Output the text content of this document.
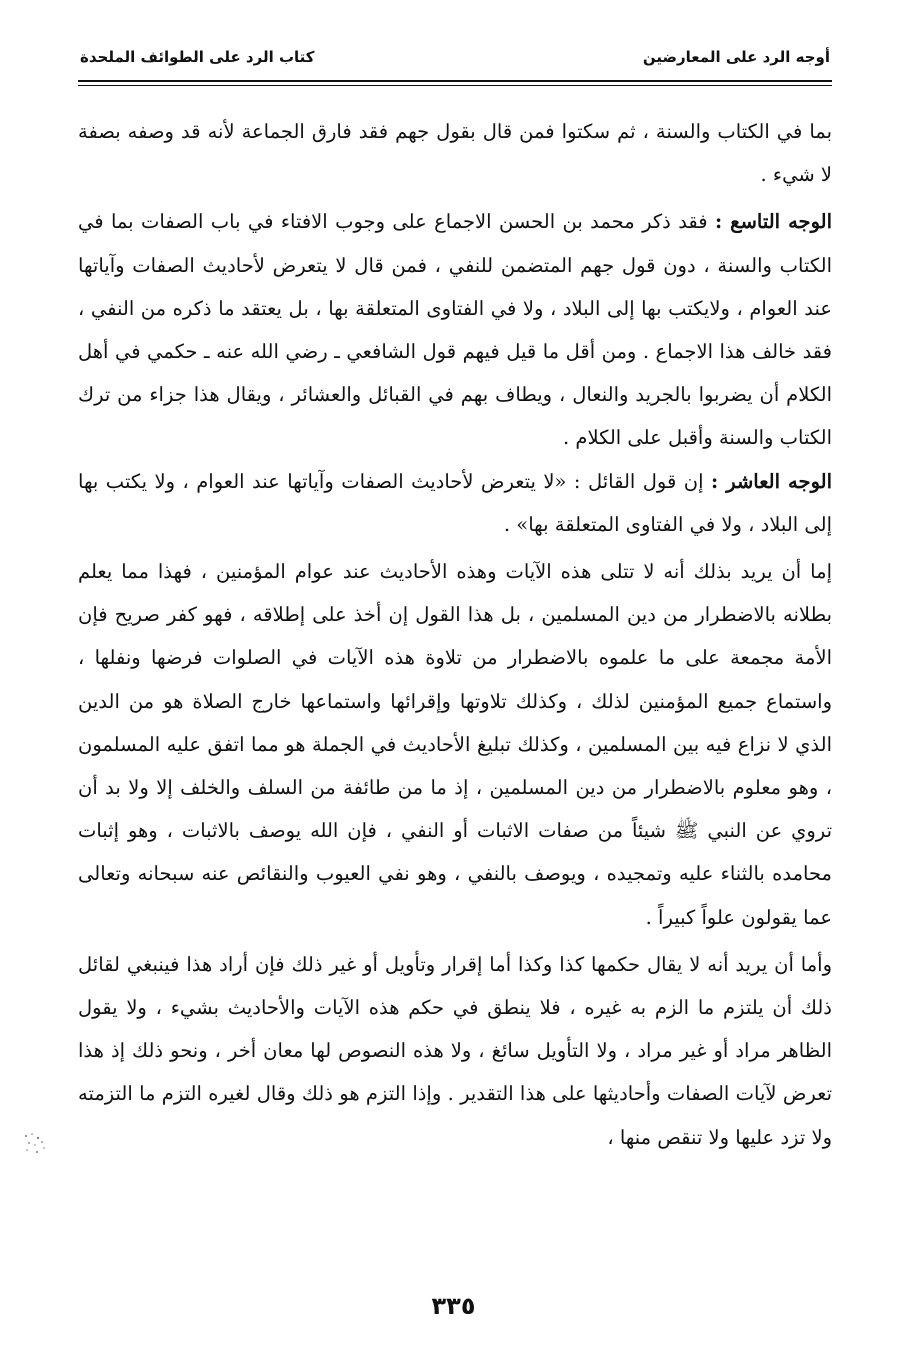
أوجه الرد على المعارضين
كتاب الرد على الطوائف الملحدة

بما في الكتاب والسنة ، ثم سكتوا فمن قال بقول جهم فقد فارق الجماعة لأنه قد وصفه بصفة لا شيء .

الوجه التاسع : فقد ذكر محمد بن الحسن الاجماع على وجوب الافتاء في باب الصفات بما في الكتاب والسنة ، دون قول جهم المتضمن للنفي ، فمن قال لا يتعرض لأحاديث الصفات وآياتها عند العوام ، ولايكتب بها إلى البلاد ، ولا في الفتاوى المتعلقة بها ، بل يعتقد ما ذكره من النفي ، فقد خالف هذا الاجماع . ومن أقل ما قيل فيهم قول الشافعي ـ رضي الله عنه ـ حكمي في أهل الكلام أن يضربوا بالجريد والنعال ، ويطاف بهم في القبائل والعشائر ، ويقال هذا جزاء من ترك الكتاب والسنة وأقبل على الكلام .

الوجه العاشر : إن قول القائل : «لا يتعرض لأحاديث الصفات وآياتها عند العوام ، ولا يكتب بها إلى البلاد ، ولا في الفتاوى المتعلقة بها» .

إما أن يريد بذلك أنه لا تتلى هذه الآيات وهذه الأحاديث عند عوام المؤمنين ، فهذا مما يعلم بطلانه بالاضطرار من دين المسلمين ، بل هذا القول إن أخذ على إطلاقه ، فهو كفر صريح فإن الأمة مجمعة على ما علموه بالاضطرار من تلاوة هذه الآيات في الصلوات فرضها ونفلها ، واستماع جميع المؤمنين لذلك ، وكذلك تلاوتها وإقرائها واستماعها خارج الصلاة هو من الدين الذي لا نزاع فيه بين المسلمين ، وكذلك تبليغ الأحاديث في الجملة هو مما اتفق عليه المسلمون ، وهو معلوم بالاضطرار من دين المسلمين ، إذ ما من طائفة من السلف والخلف إلا ولا بد أن تروي عن النبي ﷺ شيئاً من صفات الاثبات أو النفي ، فإن الله يوصف بالاثبات ، وهو إثبات محامده بالثناء عليه وتمجيده ، ويوصف بالنفي ، وهو نفي العيوب والنقائص عنه سبحانه وتعالى عما يقولون علواً كبيراً .

وأما أن يريد أنه لا يقال حكمها كذا وكذا أما إقرار وتأويل أو غير ذلك فإن أراد هذا فينبغي لقائل ذلك أن يلتزم ما الزم به غيره ، فلا ينطق في حكم هذه الآيات والأحاديث بشيء ، ولا يقول الظاهر مراد أو غير مراد ، ولا التأويل سائغ ، ولا هذه النصوص لها معان أخر ، ونحو ذلك إذ هذا تعرض لآيات الصفات وأحاديثها على هذا التقدير . وإذا التزم هو ذلك وقال لغيره التزم ما التزمته ولا تزد عليها ولا تنقص منها ،

٣٣٥
